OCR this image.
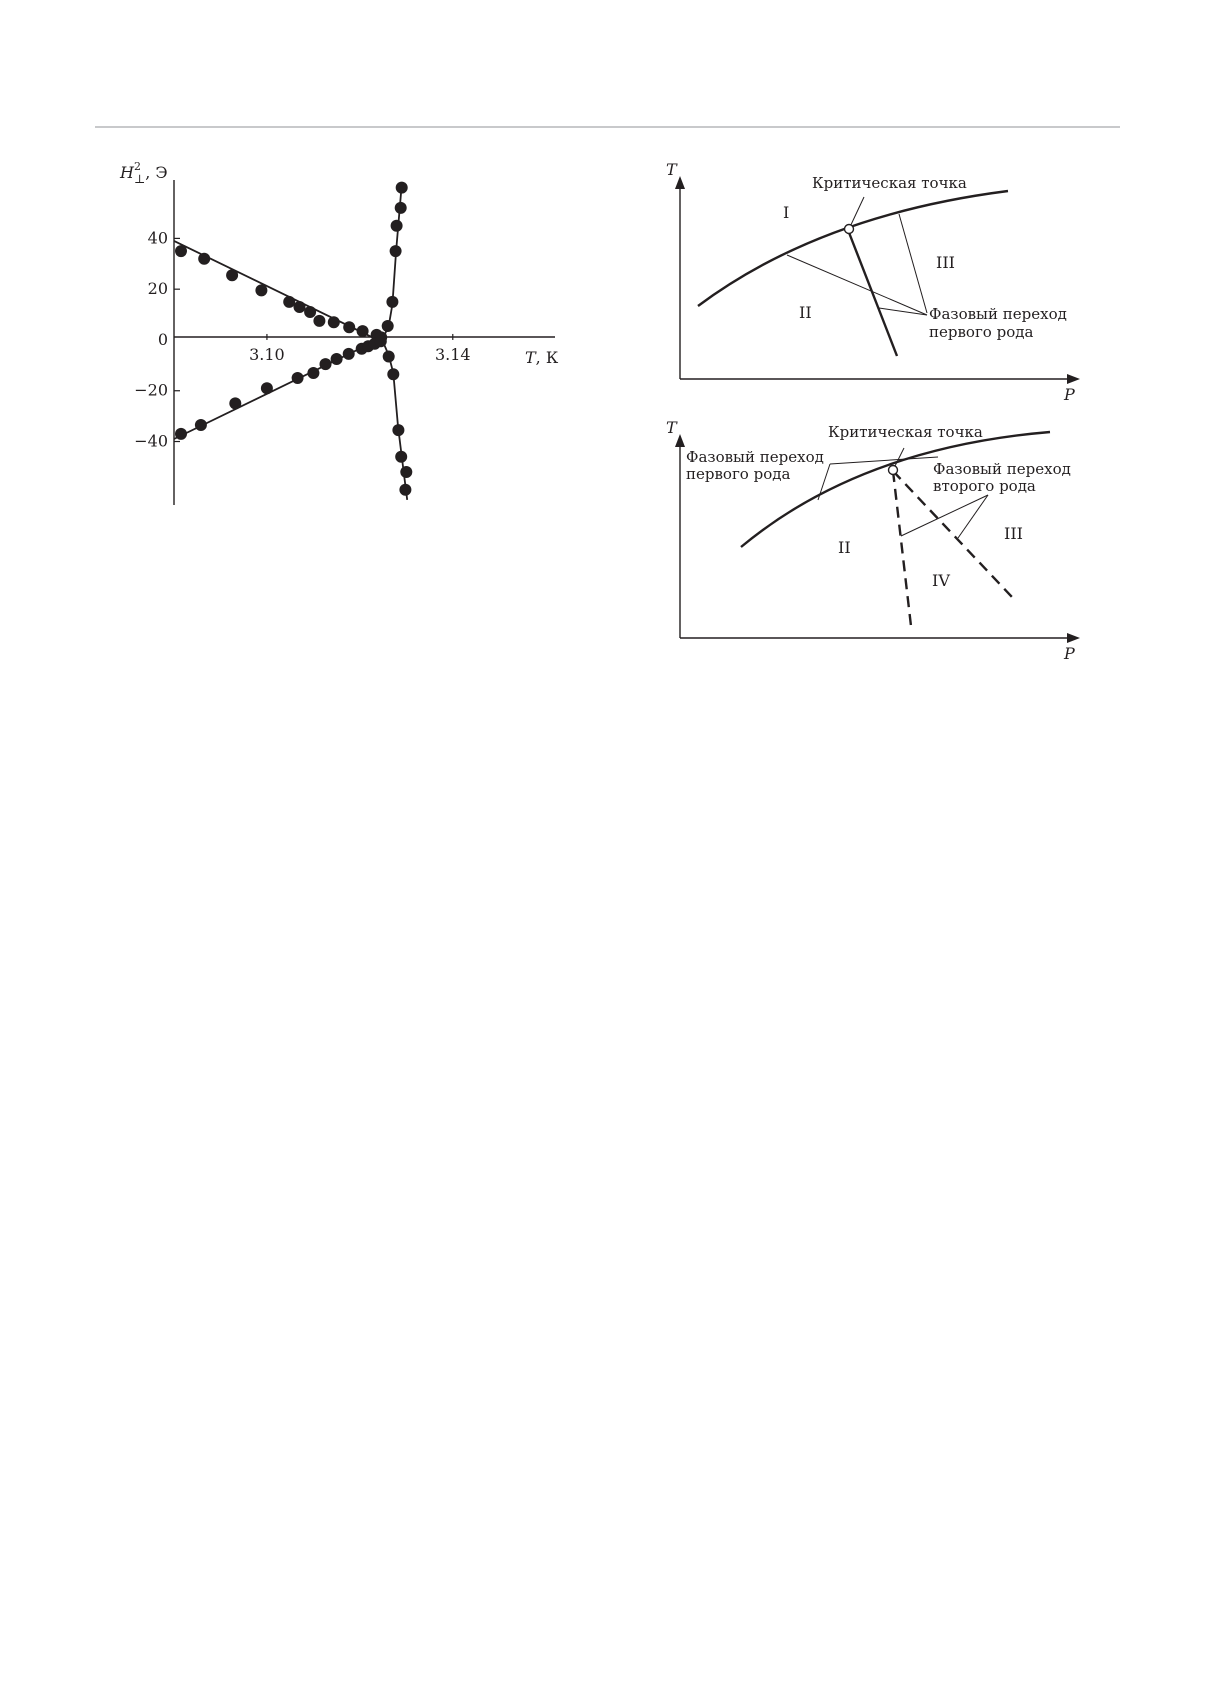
40
20
0
−20
−40
3.10	3.14
$H^2$ ⊥, Э
T, К
T
P
Критическая точка
I
II
III
Фазовый переход
первого рода
T
P
Критическая точка
Фазовый переход
первого рода	Фазовый переход
второго рода
II
III
IV
